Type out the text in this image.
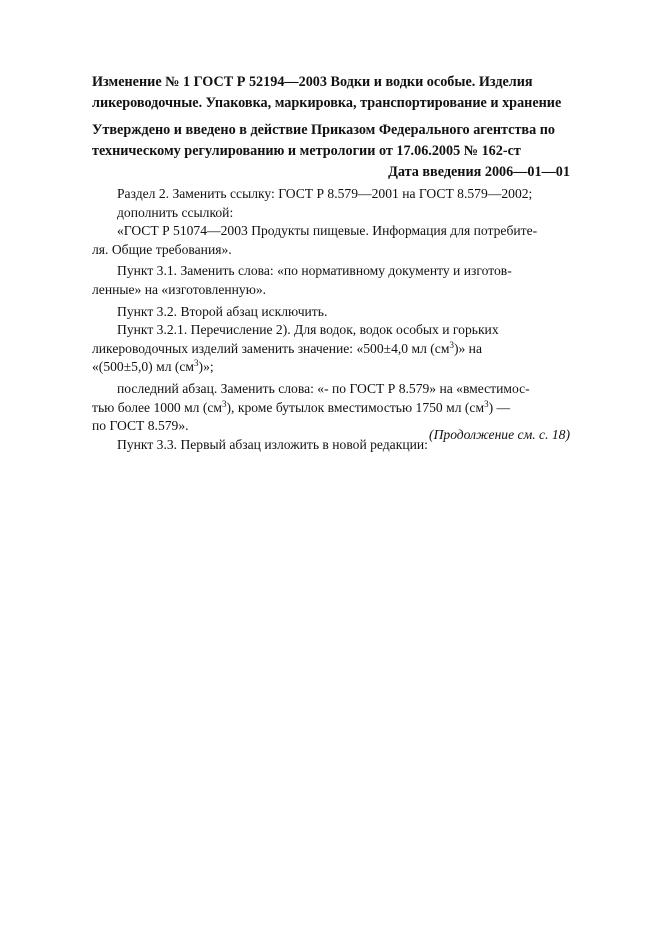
Изменение № 1 ГОСТ Р 52194—2003 Водки и водки особые. Изделия
ликероводочные. Упаковка, маркировка, транспортирование и хранение
Утверждено и введено в действие Приказом Федерального агентства по
техническому регулированию и метрологии от 17.06.2005 № 162-ст
Дата введения 2006—01—01
Раздел 2. Заменить ссылку: ГОСТ Р 8.579—2001 на ГОСТ 8.579—2002;
дополнить ссылкой:
«ГОСТ Р 51074—2003 Продукты пищевые. Информация для потребите-
ля. Общие требования».
Пункт 3.1. Заменить слова: «по нормативному документу и изготов-
ленные» на «изготовленную».
Пункт 3.2. Второй абзац исключить.
Пункт 3.2.1. Перечисление 2). Для водок, водок особых и горьких
ликероводочных изделий заменить значение: «500±4,0 мл $(см^3)$» на
«(500±5,0) мл $(см^3)$»;
последний абзац. Заменить слова: «- по ГОСТ Р 8.579» на «вместимос-
тью более 1000 мл $(см^3)$, кроме бутылок вместимостью 1750 мл $(см^3)$ —
по ГОСТ 8.579».
Пункт 3.3. Первый абзац изложить в новой редакции:
(Продолжение см. с. 18)
